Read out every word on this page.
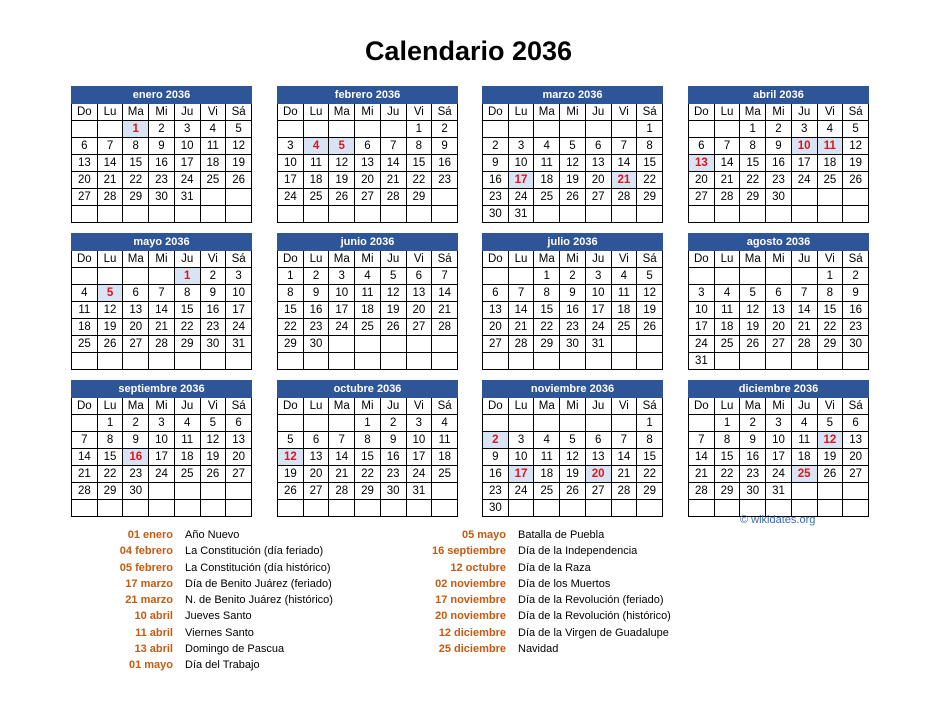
Calendario 2036
enero 2036						
Do	Lu	Ma	Mi	Ju	Vi	Sá
		1	2	3	4	5
6	7	8	9	10	11	12
13	14	15	16	17	18	19
20	21	22	23	24	25	26
27	28	29	30	31		

febrero 2036						
Do	Lu	Ma	Mi	Ju	Vi	Sá
					1	2
3	4	5	6	7	8	9
10	11	12	13	14	15	16
17	18	19	20	21	22	23
24	25	26	27	28	29	

marzo 2036						
Do	Lu	Ma	Mi	Ju	Vi	Sá
						1
2	3	4	5	6	7	8
9	10	11	12	13	14	15
16	17	18	19	20	21	22
23	24	25	26	27	28	29
30	31					
abril 2036						
Do	Lu	Ma	Mi	Ju	Vi	Sá
		1	2	3	4	5
6	7	8	9	10	11	12
13	14	15	16	17	18	19
20	21	22	23	24	25	26
27	28	29	30			

mayo 2036						
Do	Lu	Ma	Mi	Ju	Vi	Sá
				1	2	3
4	5	6	7	8	9	10
11	12	13	14	15	16	17
18	19	20	21	22	23	24
25	26	27	28	29	30	31

junio 2036						
Do	Lu	Ma	Mi	Ju	Vi	Sá
1	2	3	4	5	6	7
8	9	10	11	12	13	14
15	16	17	18	19	20	21
22	23	24	25	26	27	28
29	30					

julio 2036						
Do	Lu	Ma	Mi	Ju	Vi	Sá
		1	2	3	4	5
6	7	8	9	10	11	12
13	14	15	16	17	18	19
20	21	22	23	24	25	26
27	28	29	30	31		

agosto 2036						
Do	Lu	Ma	Mi	Ju	Vi	Sá
					1	2
3	4	5	6	7	8	9
10	11	12	13	14	15	16
17	18	19	20	21	22	23
24	25	26	27	28	29	30
31						
septiembre 2036						
Do	Lu	Ma	Mi	Ju	Vi	Sá
	1	2	3	4	5	6
7	8	9	10	11	12	13
14	15	16	17	18	19	20
21	22	23	24	25	26	27
28	29	30				

octubre 2036						
Do	Lu	Ma	Mi	Ju	Vi	Sá
			1	2	3	4
5	6	7	8	9	10	11
12	13	14	15	16	17	18
19	20	21	22	23	24	25
26	27	28	29	30	31	

noviembre 2036						
Do	Lu	Ma	Mi	Ju	Vi	Sá
						1
2	3	4	5	6	7	8
9	10	11	12	13	14	15
16	17	18	19	20	21	22
23	24	25	26	27	28	29
30						
diciembre 2036						
Do	Lu	Ma	Mi	Ju	Vi	Sá
	1	2	3	4	5	6
7	8	9	10	11	12	13
14	15	16	17	18	19	20
21	22	23	24	25	26	27
28	29	30	31			

© wikidates.org
01 enero Año Nuevo
04 febrero La Constitución (día feriado)
05 febrero La Constitución (día histórico)
17 marzo Día de Benito Juárez (feriado)
21 marzo N. de Benito Juárez (histórico)
10 abril Jueves Santo
11 abril Viernes Santo
13 abril Domingo de Pascua
01 mayo Día del Trabajo
05 mayo Batalla de Puebla
16 septiembre Día de la Independencia
12 octubre Día de la Raza
02 noviembre Día de los Muertos
17 noviembre Día de la Revolución (feriado)
20 noviembre Día de la Revolución (histórico)
12 diciembre Día de la Virgen de Guadalupe
25 diciembre Navidad
